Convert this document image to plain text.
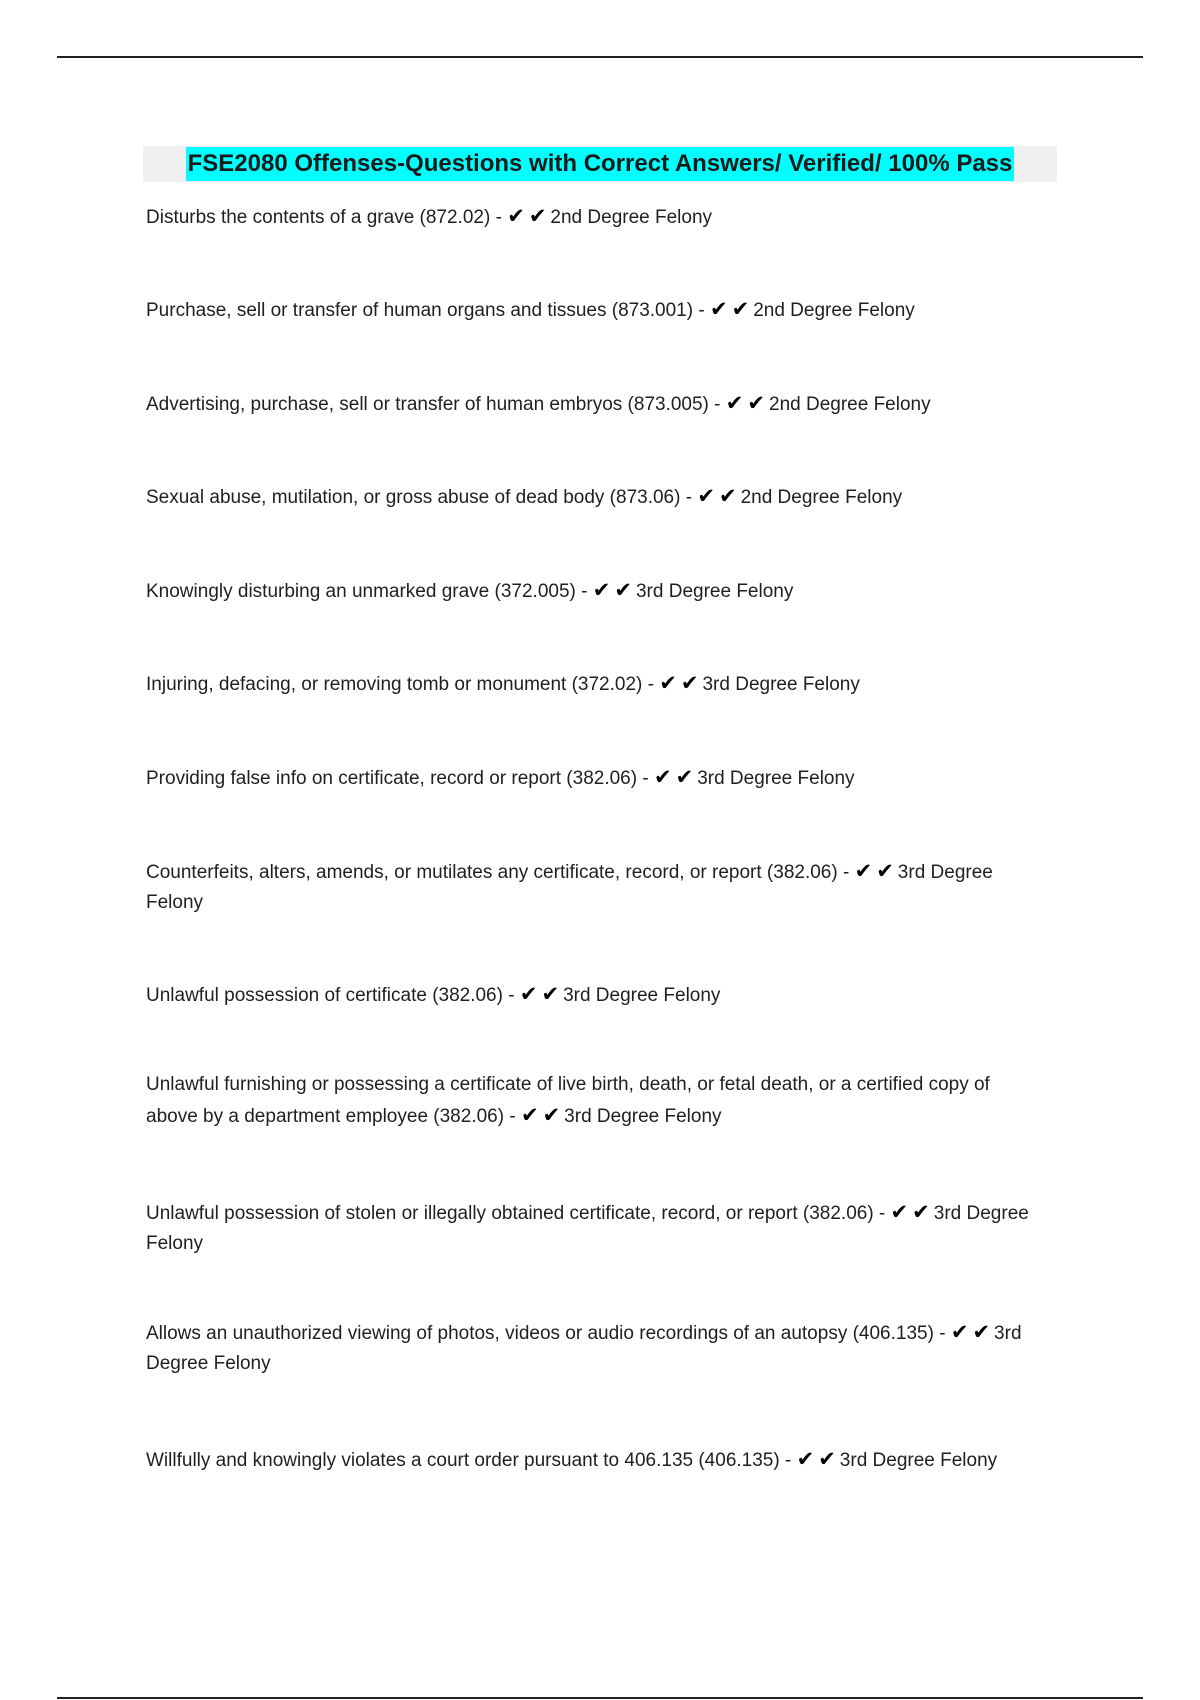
FSE2080 Offenses-Questions with Correct Answers/ Verified/ 100% Pass
Disturbs the contents of a grave (872.02) - ✔ ✔ 2nd Degree Felony
Purchase, sell or transfer of human organs and tissues (873.001) - ✔ ✔ 2nd Degree Felony
Advertising, purchase, sell or transfer of human embryos (873.005) - ✔ ✔ 2nd Degree Felony
Sexual abuse, mutilation, or gross abuse of dead body (873.06) - ✔ ✔ 2nd Degree Felony
Knowingly disturbing an unmarked grave (372.005) - ✔ ✔ 3rd Degree Felony
Injuring, defacing, or removing tomb or monument (372.02) - ✔ ✔ 3rd Degree Felony
Providing false info on certificate, record or report (382.06) - ✔ ✔ 3rd Degree Felony
Counterfeits, alters, amends, or mutilates any certificate, record, or report (382.06) - ✔ ✔ 3rd Degree Felony
Unlawful possession of certificate (382.06) - ✔ ✔ 3rd Degree Felony
Unlawful furnishing or possessing a certificate of live birth, death, or fetal death, or a certified copy of above by a department employee (382.06) - ✔ ✔ 3rd Degree Felony
Unlawful possession of stolen or illegally obtained certificate, record, or report (382.06) - ✔ ✔ 3rd Degree Felony
Allows an unauthorized viewing of photos, videos or audio recordings of an autopsy (406.135) - ✔ ✔ 3rd Degree Felony
Willfully and knowingly violates a court order pursuant to 406.135 (406.135) - ✔ ✔ 3rd Degree Felony
